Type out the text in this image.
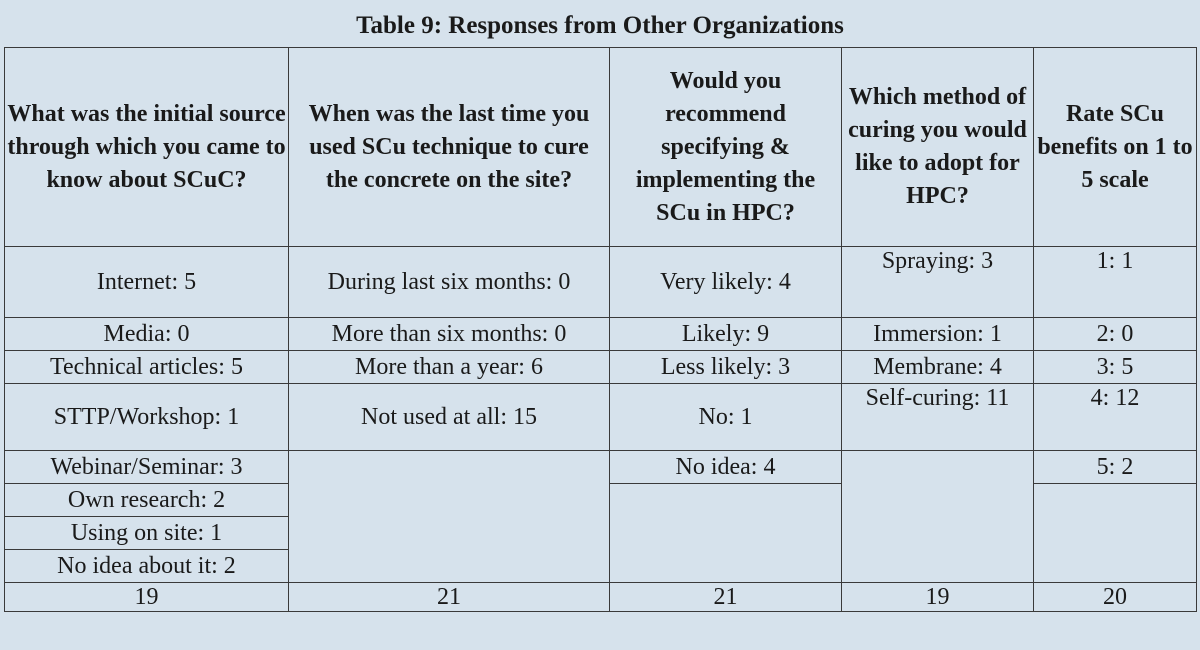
Table 9: Responses from Other Organizations
What was the initial source through which you came to know about SCuC?	When was the last time you used SCu technique to cure the concrete on the site?	Would you recommend specifying & implementing the SCu in HPC?	Which method of curing you would like to adopt for HPC?	Rate SCu benefits on 1 to 5 scale
Internet: 5	During last six months: 0	Very likely: 4	Spraying: 3	1: 1
Media: 0	More than six months: 0	Likely: 9	Immersion: 1	2: 0
Technical articles: 5	More than a year: 6	Less likely: 3	Membrane: 4	3: 5
STTP/Workshop: 1	Not used at all: 15	No: 1	Self-curing: 11	4: 12
Webinar/Seminar: 3		No idea: 4		5: 2
Own research: 2				
Using on site: 1				
No idea about it: 2				
19	21	21	19	20
